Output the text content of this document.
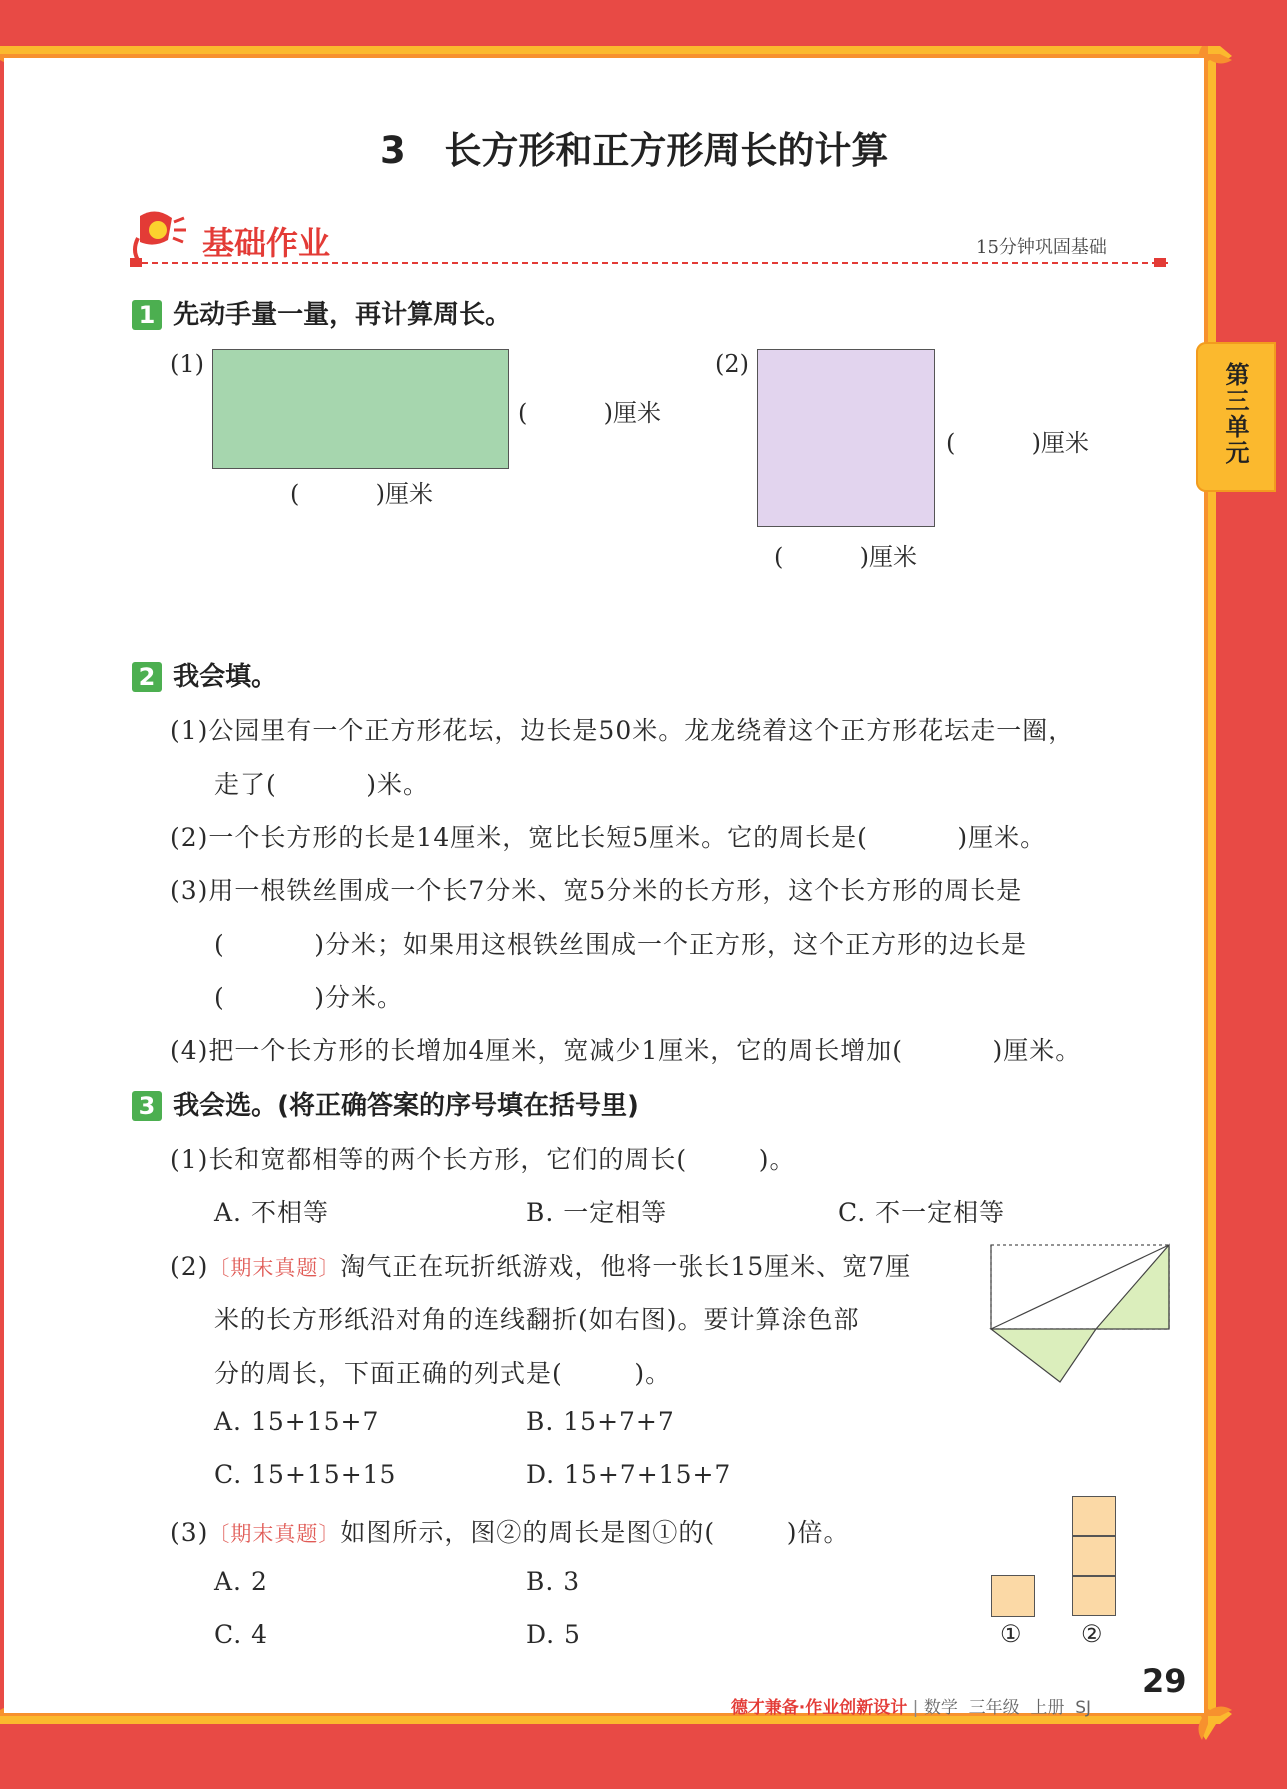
第三单元
3   长方形和正方形周长的计算
基础作业	15分钟巩固基础
1 先动手量一量，再计算周长。
(1)
(          )厘米
(          )厘米
(2)
(          )厘米
(          )厘米
2 我会填。
(1)公园里有一个正方形花坛，边长是50米。龙龙绕着这个正方形花坛走一圈，
走了(          )米。
(2)一个长方形的长是14厘米，宽比长短5厘米。它的周长是(          )厘米。
(3)用一根铁丝围成一个长7分米、宽5分米的长方形，这个长方形的周长是
(          )分米；如果用这根铁丝围成一个正方形，这个正方形的边长是
(          )分米。
(4)把一个长方形的长增加4厘米，宽减少1厘米，它的周长增加(          )厘米。
3 我会选。(将正确答案的序号填在括号里)
(1)长和宽都相等的两个长方形，它们的周长(        )。
A. 不相等	B. 一定相等	C. 不一定相等
(2)〔期末真题〕淘气正在玩折纸游戏，他将一张长15厘米、宽7厘
米的长方形纸沿对角的连线翻折(如右图)。要计算涂色部
分的周长，下面正确的列式是(        )。
A. 15+15+7	B. 15+7+7
C. 15+15+15	D. 15+7+15+7
(3)〔期末真题〕如图所示，图②的周长是图①的(        )倍。
A. 2	B. 3
C. 4	D. 5	① ②

德才兼备·作业创新设计 | 数学  三年级  上册  SJ

29
